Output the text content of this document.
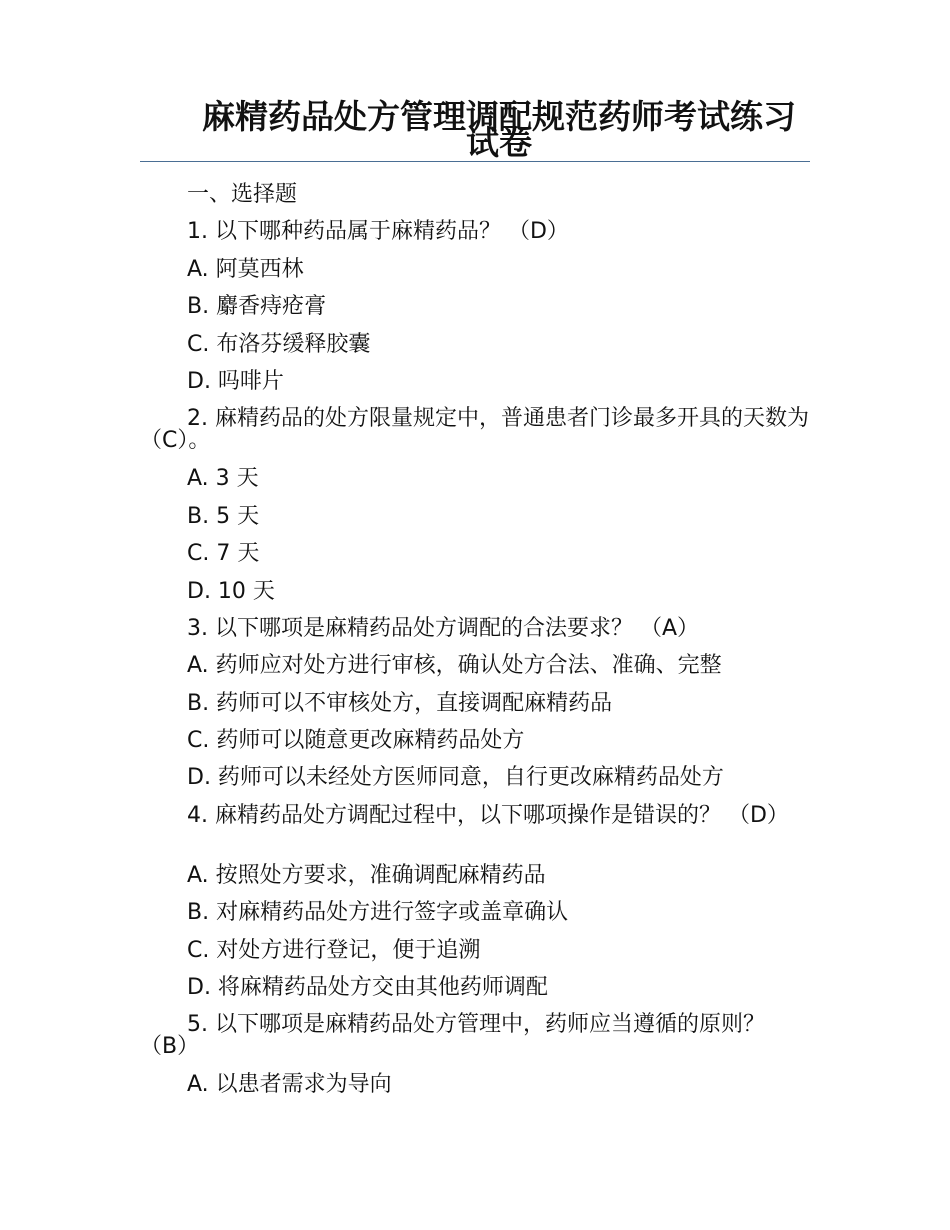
麻精药品处方管理调配规范药师考试练习试卷
一、选择题
1. 以下哪种药品属于麻精药品？ （D）
A. 阿莫西林
B. 麝香痔疮膏
C. 布洛芬缓释胶囊
D. 吗啡片
2. 麻精药品的处方限量规定中，普通患者门诊最多开具的天数为（C）。
A. 3 天
B. 5 天
C. 7 天
D. 10 天
3. 以下哪项是麻精药品处方调配的合法要求？ （A）
A. 药师应对处方进行审核，确认处方合法、准确、完整
B. 药师可以不审核处方，直接调配麻精药品
C. 药师可以随意更改麻精药品处方
D. 药师可以未经处方医师同意，自行更改麻精药品处方
4. 麻精药品处方调配过程中，以下哪项操作是错误的？ （D）
A. 按照处方要求，准确调配麻精药品
B. 对麻精药品处方进行签字或盖章确认
C. 对处方进行登记，便于追溯
D. 将麻精药品处方交由其他药师调配
5. 以下哪项是麻精药品处方管理中，药师应当遵循的原则？ （B）
A. 以患者需求为导向
